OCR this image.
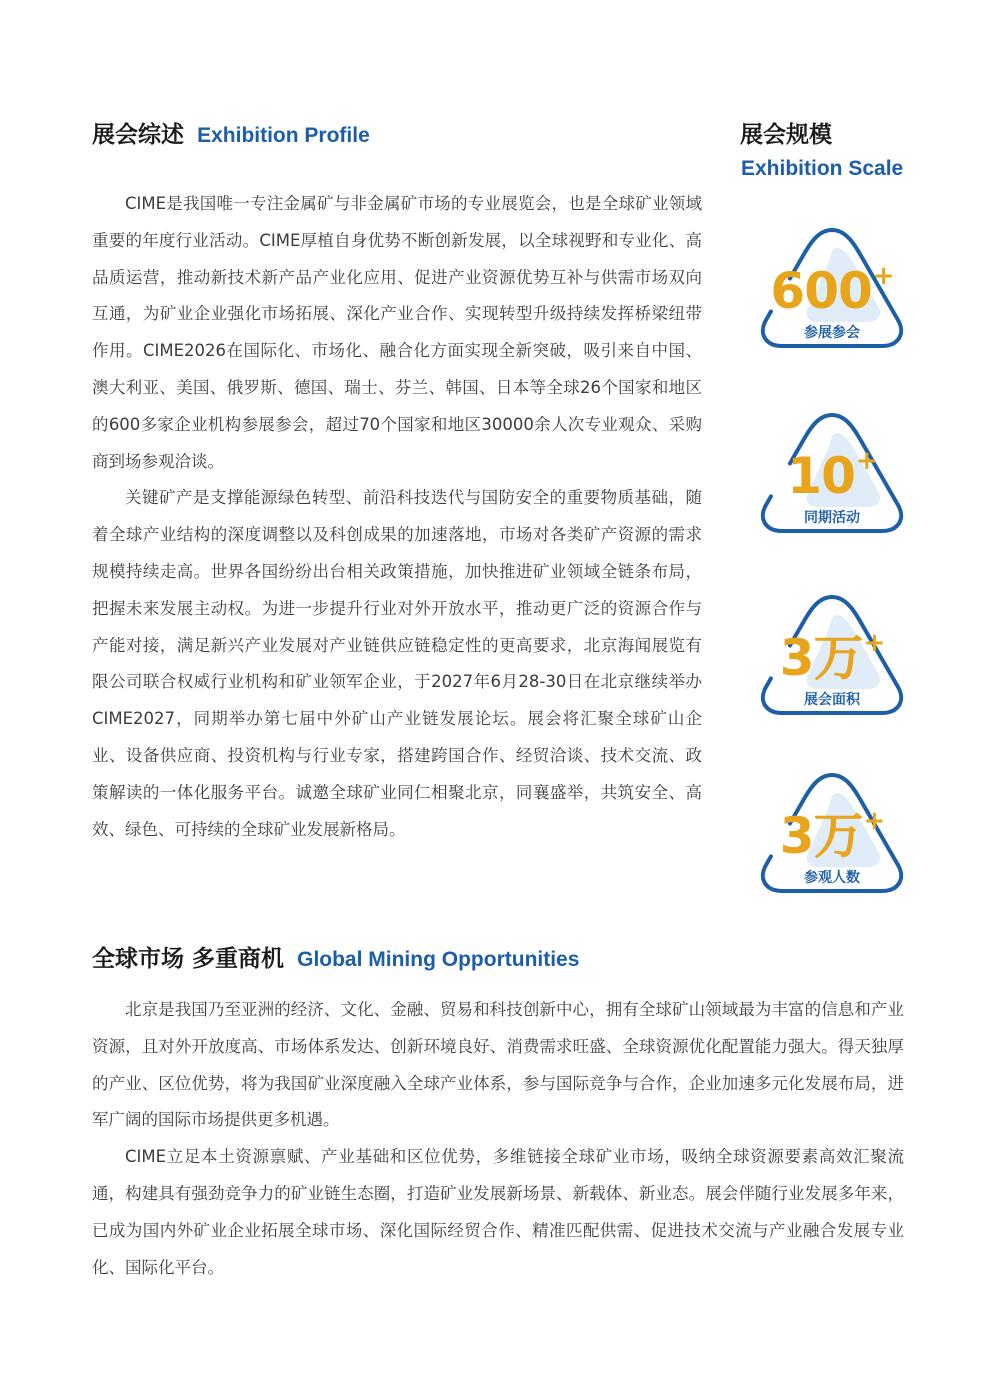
展会综述 Exhibition Profile

CIME是我国唯一专注金属矿与非金属矿市场的专业展览会，也是全球矿业领域重要的年度行业活动。CIME厚植自身优势不断创新发展，以全球视野和专业化、高品质运营，推动新技术新产品产业化应用、促进产业资源优势互补与供需市场双向互通，为矿业企业强化市场拓展、深化产业合作、实现转型升级持续发挥桥梁纽带作用。CIME2026在国际化、市场化、融合化方面实现全新突破，吸引来自中国、澳大利亚、美国、俄罗斯、德国、瑞士、芬兰、韩国、日本等全球26个国家和地区的600多家企业机构参展参会，超过70个国家和地区30000余人次专业观众、采购商到场参观洽谈。

关键矿产是支撑能源绿色转型、前沿科技迭代与国防安全的重要物质基础，随着全球产业结构的深度调整以及科创成果的加速落地，市场对各类矿产资源的需求规模持续走高。世界各国纷纷出台相关政策措施，加快推进矿业领域全链条布局，把握未来发展主动权。为进一步提升行业对外开放水平，推动更广泛的资源合作与产能对接，满足新兴产业发展对产业链供应链稳定性的更高要求，北京海闻展览有限公司联合权威行业机构和矿业领军企业，于2027年6月28-30日在北京继续举办CIME2027，同期举办第七届中外矿山产业链发展论坛。展会将汇聚全球矿山企业、设备供应商、投资机构与行业专家，搭建跨国合作、经贸洽谈、技术交流、政策解读的一体化服务平台。诚邀全球矿业同仁相聚北京，同襄盛举，共筑安全、高效、绿色、可持续的全球矿业发展新格局。

展会规模
Exhibition Scale
600+
参展参会
10+
同期活动
3万+
展会面积
3万+
参观人数
全球市场 多重商机 Global Mining Opportunities

北京是我国乃至亚洲的经济、文化、金融、贸易和科技创新中心，拥有全球矿山领域最为丰富的信息和产业资源，且对外开放度高、市场体系发达、创新环境良好、消费需求旺盛、全球资源优化配置能力强大。得天独厚的产业、区位优势，将为我国矿业深度融入全球产业体系，参与国际竞争与合作，企业加速多元化发展布局，进军广阔的国际市场提供更多机遇。

CIME立足本土资源禀赋、产业基础和区位优势，多维链接全球矿业市场，吸纳全球资源要素高效汇聚流通，构建具有强劲竞争力的矿业链生态圈，打造矿业发展新场景、新载体、新业态。展会伴随行业发展多年来，已成为国内外矿业企业拓展全球市场、深化国际经贸合作、精准匹配供需、促进技术交流与产业融合发展专业化、国际化平台。
